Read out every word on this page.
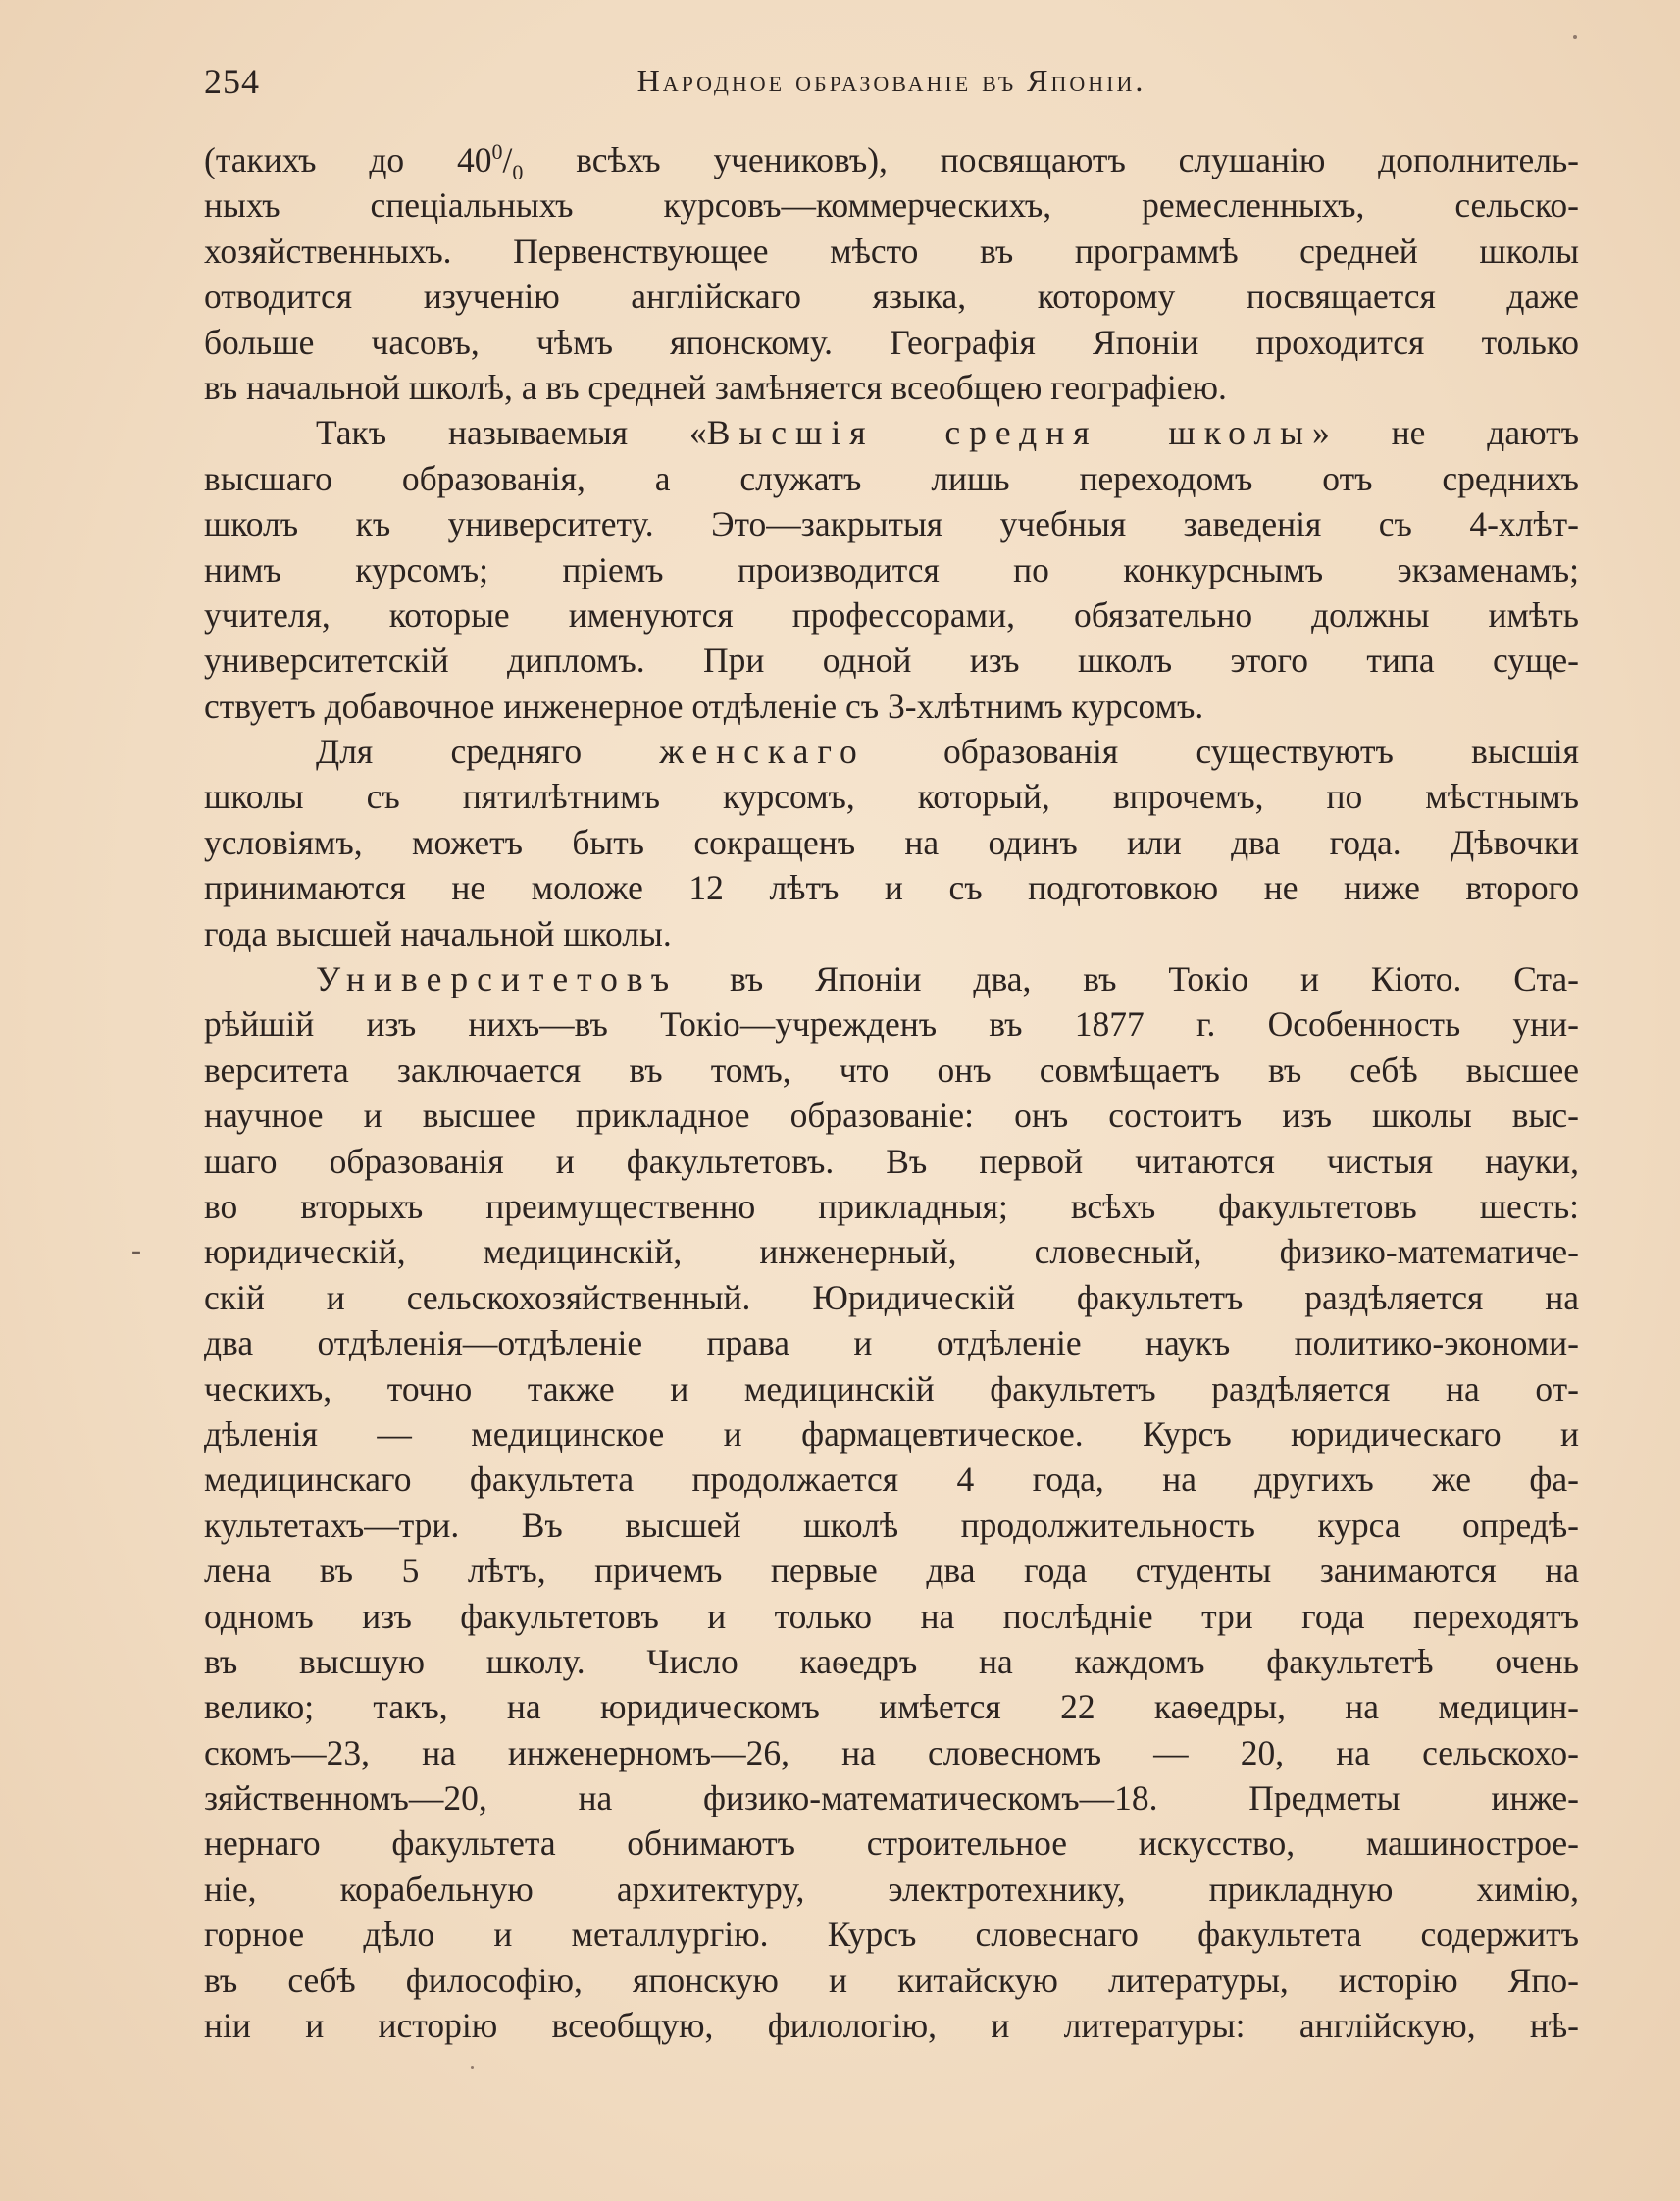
254	Народное образованіе въ Японіи.
-
(такихъ до $40^0/_0$ всѣхъ учениковъ), посвящаютъ слушанію дополнитель-
ныхъ спеціальныхъ курсовъ—коммерческихъ, ремесленныхъ, сельско-
хозяйственныхъ. Первенствующее мѣсто въ программѣ средней школы
отводится изученію англійскаго языка, которому посвящается даже
больше часовъ, чѣмъ японскому. Географія Японіи проходится только
въ начальной школѣ, а въ средней замѣняется всеобщею географіею.
Такъ называемыя «Высшія средня школы» не даютъ
высшаго образованія, а служатъ лишь переходомъ отъ среднихъ
школъ къ университету. Это—закрытыя учебныя заведенія съ 4-хлѣт-
нимъ курсомъ; пріемъ производится по конкурснымъ экзаменамъ;
учителя, которые именуются профессорами, обязательно должны имѣть
университетскій дипломъ. При одной изъ школъ этого типа суще-
ствуетъ добавочное инженерное отдѣленіе съ 3-хлѣтнимъ курсомъ.
Для средняго женскаго образованія существуютъ высшія
школы съ пятилѣтнимъ курсомъ, который, впрочемъ, по мѣстнымъ
условіямъ, можетъ быть сокращенъ на одинъ или два года. Дѣвочки
принимаются не моложе 12 лѣтъ и съ подготовкою не ниже второго
года высшей начальной школы.
Университетовъ въ Японіи два, въ Токіо и Кіото. Ста-
рѣйшій изъ нихъ—въ Токіо—учрежденъ въ 1877 г. Особенность уни-
верситета заключается въ томъ, что онъ совмѣщаетъ въ себѣ высшее
научное и высшее прикладное образованіе: онъ состоитъ изъ школы выс-
шаго образованія и факультетовъ. Въ первой читаются чистыя науки,
во вторыхъ преимущественно прикладныя; всѣхъ факультетовъ шесть:
юридическій, медицинскій, инженерный, словесный, физико-математиче-
скій и сельскохозяйственный. Юридическій факультетъ раздѣляется на
два отдѣленія—отдѣленіе права и отдѣленіе наукъ политико-экономи-
ческихъ, точно также и медицинскій факультетъ раздѣляется на от-
дѣленія — медицинское и фармацевтическое. Курсъ юридическаго и
медицинскаго факультета продолжается 4 года, на другихъ же фа-
культетахъ—три. Въ высшей школѣ продолжительность курса опредѣ-
лена въ 5 лѣтъ, причемъ первые два года студенты занимаются на
одномъ изъ факультетовъ и только на послѣдніе три года переходятъ
въ высшую школу. Число каѳедръ на каждомъ факультетѣ очень
велико; такъ, на юридическомъ имѣется 22 каѳедры, на медицин-
скомъ—23, на инженерномъ—26, на словесномъ — 20, на сельскохо-
зяйственномъ—20, на физико-математическомъ—18. Предметы инже-
нернаго факультета обнимаютъ строительное искусство, машинострое-
ніе, корабельную архитектуру, электротехнику, прикладную химію,
горное дѣло и металлургію. Курсъ словеснаго факультета содержитъ
въ себѣ философію, японскую и китайскую литературы, исторію Япо-
ніи и исторію всеобщую, филологію, и литературы: англійскую, нѣ-
